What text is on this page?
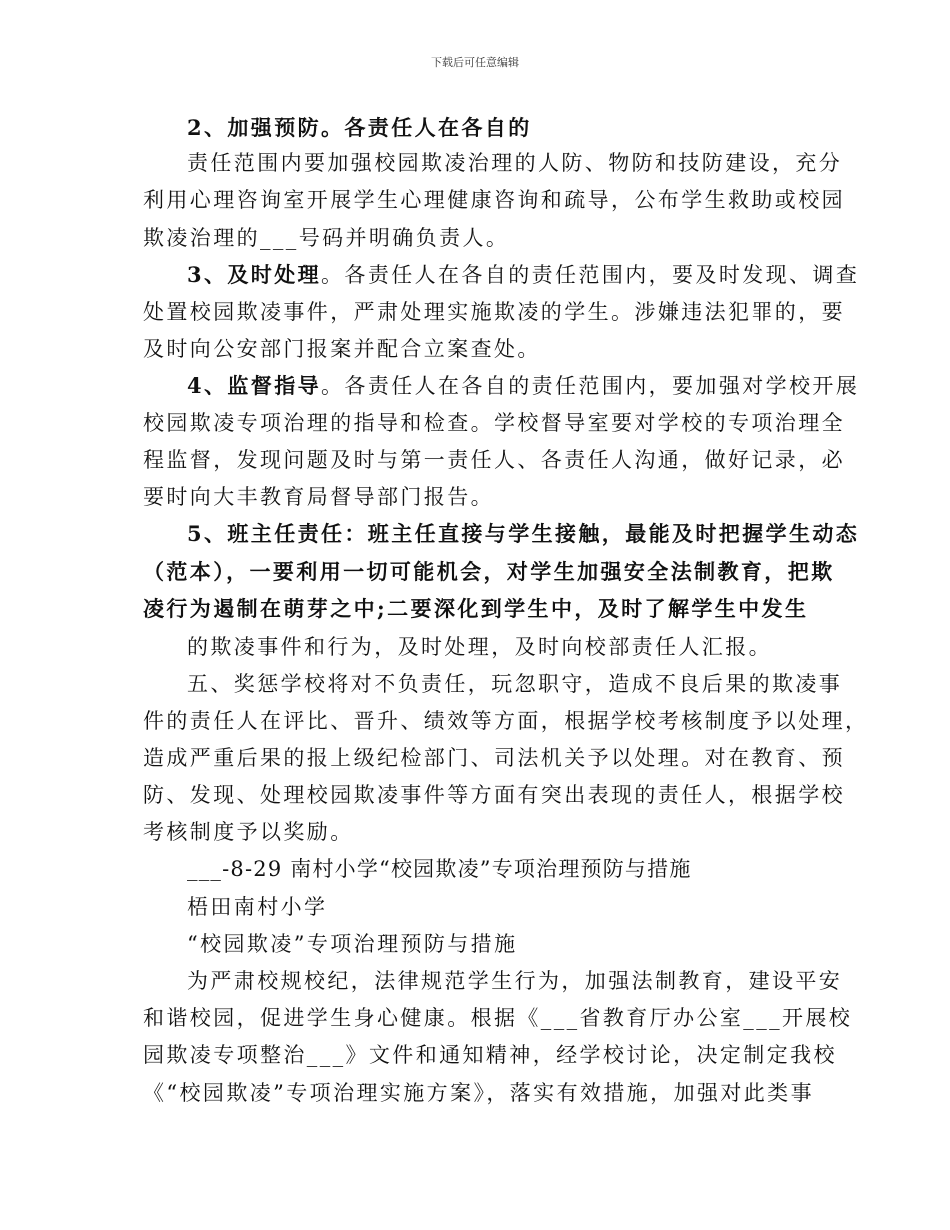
下载后可任意编辑
2、加强预防。各责任人在各自的
责任范围内要加强校园欺凌治理的人防、物防和技防建设，充分
利用心理咨询室开展学生心理健康咨询和疏导，公布学生救助或校园
欺凌治理的___号码并明确负责人。
3、及时处理。各责任人在各自的责任范围内，要及时发现、调查
处置校园欺凌事件，严肃处理实施欺凌的学生。涉嫌违法犯罪的，要
及时向公安部门报案并配合立案查处。
4、监督指导。各责任人在各自的责任范围内，要加强对学校开展
校园欺凌专项治理的指导和检查。学校督导室要对学校的专项治理全
程监督，发现问题及时与第一责任人、各责任人沟通，做好记录，必
要时向大丰教育局督导部门报告。
5、班主任责任：班主任直接与学生接触，最能及时把握学生动态
（范本），一要利用一切可能机会，对学生加强安全法制教育，把欺
凌行为遏制在萌芽之中;二要深化到学生中，及时了解学生中发生
的欺凌事件和行为，及时处理，及时向校部责任人汇报。
五、奖惩学校将对不负责任，玩忽职守，造成不良后果的欺凌事
件的责任人在评比、晋升、绩效等方面，根据学校考核制度予以处理，
造成严重后果的报上级纪检部门、司法机关予以处理。对在教育、预
防、发现、处理校园欺凌事件等方面有突出表现的责任人，根据学校
考核制度予以奖励。
___-8-29 南村小学“校园欺凌”专项治理预防与措施
梧田南村小学
“校园欺凌”专项治理预防与措施
为严肃校规校纪，法律规范学生行为，加强法制教育，建设平安
和谐校园，促进学生身心健康。根据《___省教育厅办公室___开展校
园欺凌专项整治___》文件和通知精神，经学校讨论，决定制定我校
《“校园欺凌”专项治理实施方案》，落实有效措施，加强对此类事
